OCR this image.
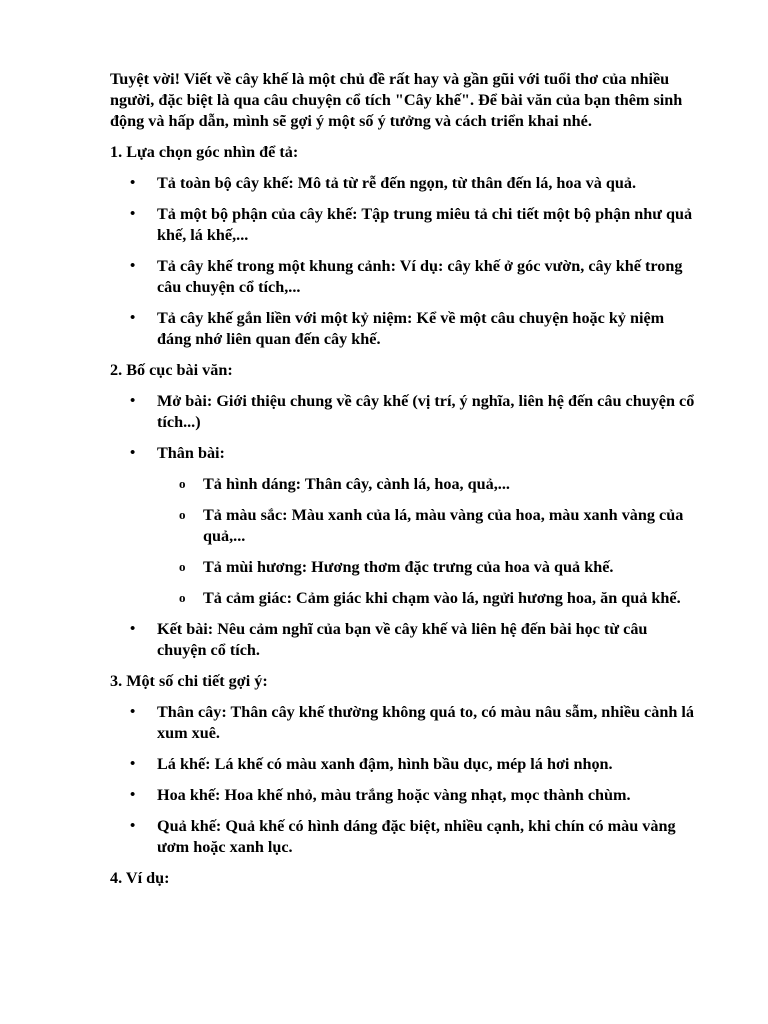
Tuyệt vời! Viết về cây khế là một chủ đề rất hay và gần gũi với tuổi thơ của nhiều người, đặc biệt là qua câu chuyện cổ tích "Cây khế". Để bài văn của bạn thêm sinh động và hấp dẫn, mình sẽ gợi ý một số ý tưởng và cách triển khai nhé.

1. Lựa chọn góc nhìn để tả:

• Tả toàn bộ cây khế: Mô tả từ rễ đến ngọn, từ thân đến lá, hoa và quả.
• Tả một bộ phận của cây khế: Tập trung miêu tả chi tiết một bộ phận như quả khế, lá khế,...
• Tả cây khế trong một khung cảnh: Ví dụ: cây khế ở góc vườn, cây khế trong câu chuyện cổ tích,...
• Tả cây khế gắn liền với một kỷ niệm: Kể về một câu chuyện hoặc kỷ niệm đáng nhớ liên quan đến cây khế.

2. Bố cục bài văn:

• Mở bài: Giới thiệu chung về cây khế (vị trí, ý nghĩa, liên hệ đến câu chuyện cổ tích...)
• Thân bài:
o Tả hình dáng: Thân cây, cành lá, hoa, quả,...
o Tả màu sắc: Màu xanh của lá, màu vàng của hoa, màu xanh vàng của quả,...
o Tả mùi hương: Hương thơm đặc trưng của hoa và quả khế.
o Tả cảm giác: Cảm giác khi chạm vào lá, ngửi hương hoa, ăn quả khế.
• Kết bài: Nêu cảm nghĩ của bạn về cây khế và liên hệ đến bài học từ câu chuyện cổ tích.

3. Một số chi tiết gợi ý:

• Thân cây: Thân cây khế thường không quá to, có màu nâu sẫm, nhiều cành lá xum xuê.
• Lá khế: Lá khế có màu xanh đậm, hình bầu dục, mép lá hơi nhọn.
• Hoa khế: Hoa khế nhỏ, màu trắng hoặc vàng nhạt, mọc thành chùm.
• Quả khế: Quả khế có hình dáng đặc biệt, nhiều cạnh, khi chín có màu vàng ươm hoặc xanh lục.

4. Ví dụ:
